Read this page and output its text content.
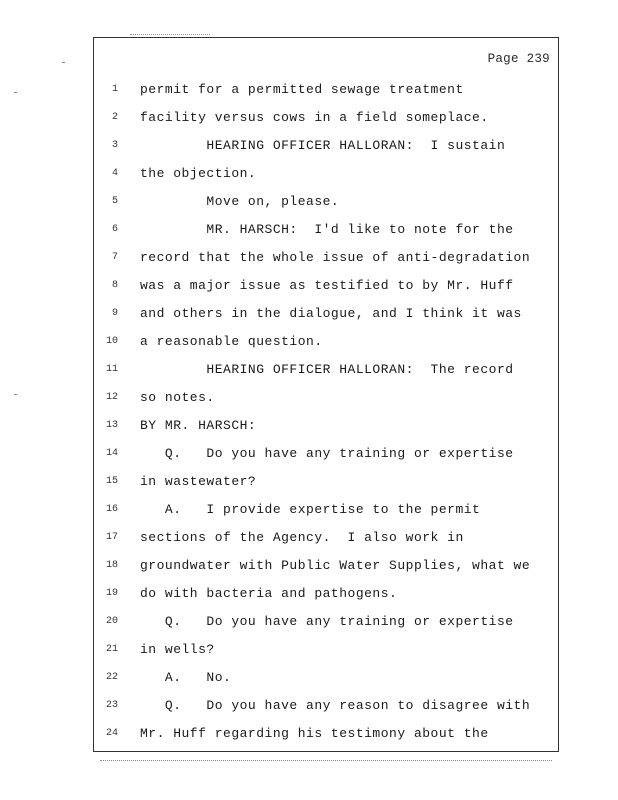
Page 239
1 permit for a permitted sewage treatment
2 facility versus cows in a field someplace.
3 HEARING OFFICER HALLORAN:  I sustain
4 the objection.
5 Move on, please.
6 MR. HARSCH:  I'd like to note for the
7 record that the whole issue of anti-degradation
8 was a major issue as testified to by Mr. Huff
9 and others in the dialogue, and I think it was
10 a reasonable question.
11 HEARING OFFICER HALLORAN:  The record
12 so notes.
13 BY MR. HARSCH:
14 Q.   Do you have any training or expertise
15 in wastewater?
16 A.   I provide expertise to the permit
17 sections of the Agency.  I also work in
18 groundwater with Public Water Supplies, what we
19 do with bacteria and pathogens.
20 Q.   Do you have any training or expertise
21 in wells?
22 A.   No.
23 Q.   Do you have any reason to disagree with
24 Mr. Huff regarding his testimony about the
